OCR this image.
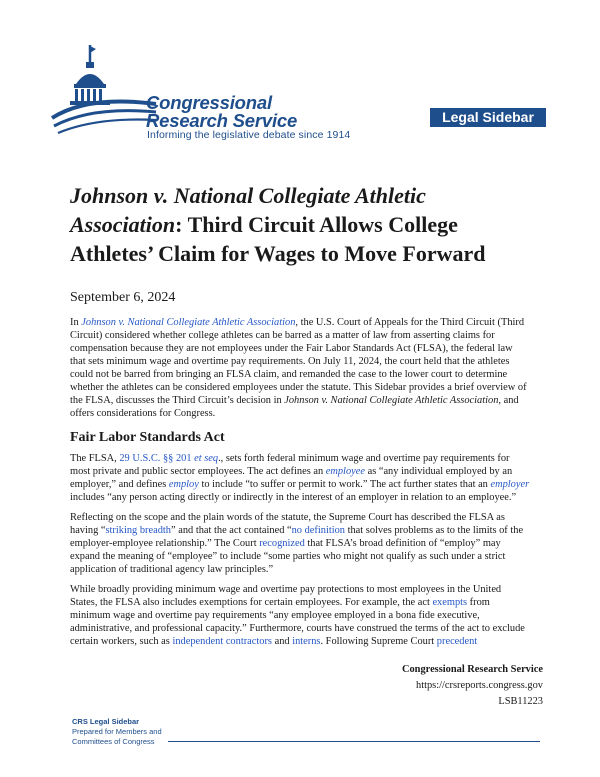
Congressional
Research Service
Informing the legislative debate since 1914
Legal Sidebar
Johnson v. National Collegiate Athletic
Association: Third Circuit Allows College
Athletes’ Claim for Wages to Move Forward
September 6, 2024

In Johnson v. National Collegiate Athletic Association, the U.S. Court of Appeals for the Third Circuit (Third Circuit) considered whether college athletes can be barred as a matter of law from asserting claims for compensation because they are not employees under the Fair Labor Standards Act (FLSA), the federal law that sets minimum wage and overtime pay requirements. On July 11, 2024, the court held that the athletes could not be barred from bringing an FLSA claim, and remanded the case to the lower court to determine whether the athletes can be considered employees under the statute. This Sidebar provides a brief overview of the FLSA, discusses the Third Circuit’s decision in Johnson v. National Collegiate Athletic Association, and offers considerations for Congress.

Fair Labor Standards Act

The FLSA, 29 U.S.C. §§ 201 et seq., sets forth federal minimum wage and overtime pay requirements for most private and public sector employees. The act defines an employee as “any individual employed by an employer,” and defines employ to include “to suffer or permit to work.” The act further states that an employer includes “any person acting directly or indirectly in the interest of an employer in relation to an employee.”

Reflecting on the scope and the plain words of the statute, the Supreme Court has described the FLSA as having “striking breadth” and that the act contained “no definition that solves problems as to the limits of the employer-employee relationship.” The Court recognized that FLSA’s broad definition of “employ” may expand the meaning of “employee” to include “some parties who might not qualify as such under a strict application of traditional agency law principles.”

While broadly providing minimum wage and overtime pay protections to most employees in the United States, the FLSA also includes exemptions for certain employees. For example, the act exempts from minimum wage and overtime pay requirements “any employee employed in a bona fide executive, administrative, and professional capacity.” Furthermore, courts have construed the terms of the act to exclude certain workers, such as independent contractors and interns. Following Supreme Court precedent

Congressional Research Service
https://crsreports.congress.gov
LSB11223
CRS Legal Sidebar
Prepared for Members and
Committees of Congress
